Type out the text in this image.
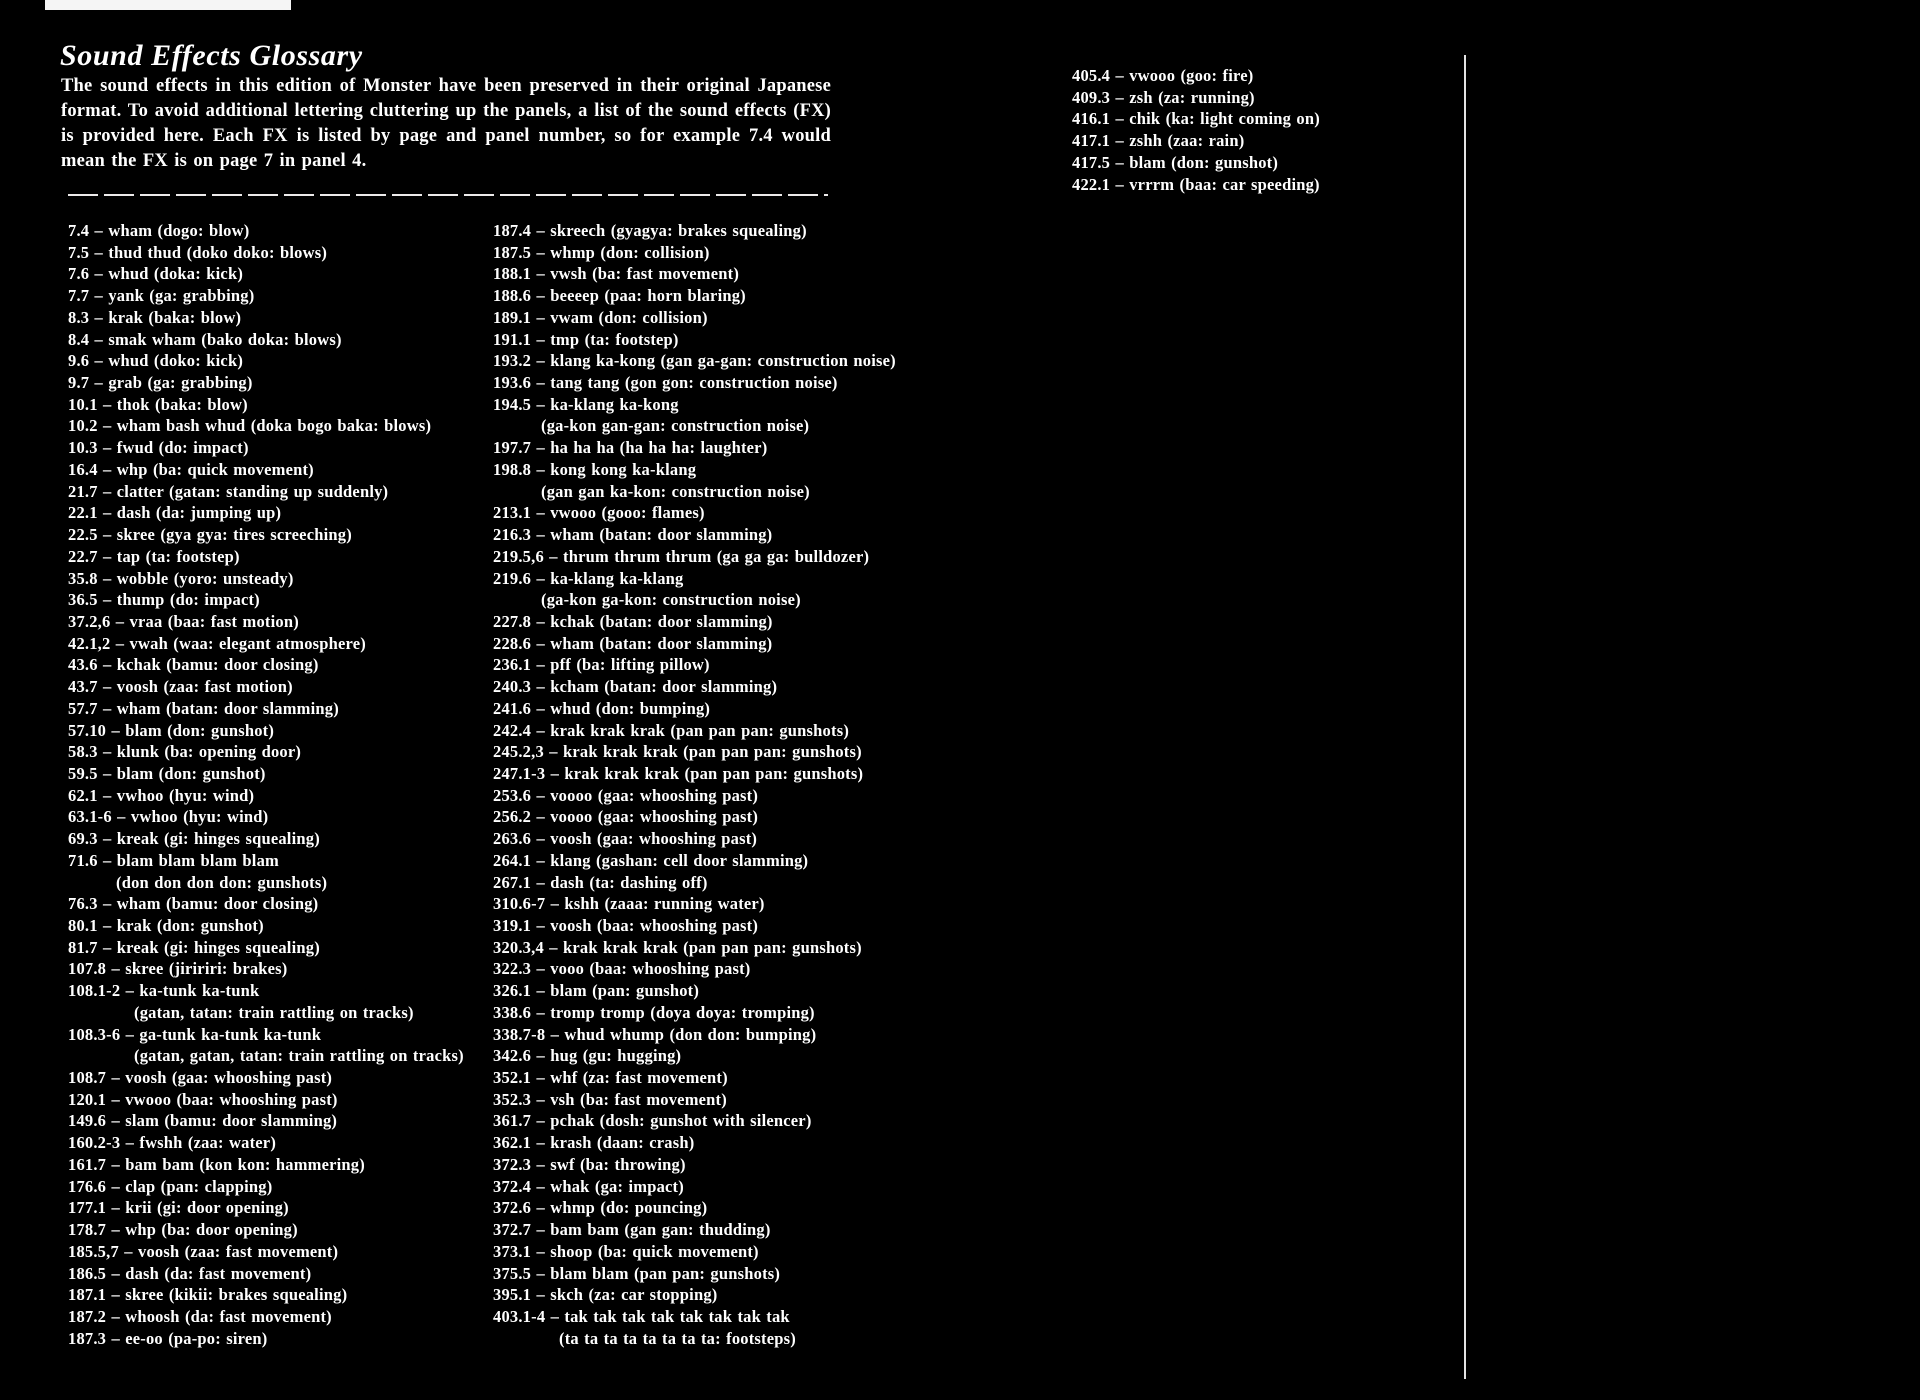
Sound Effects Glossary

The sound effects in this edition of Monster have been preserved in their original Japanese format. To avoid additional lettering cluttering up the panels, a list of the sound effects (FX) is provided here. Each FX is listed by page and panel number, so for example 7.4 would mean the FX is on page 7 in panel 4.

405.4 – vwooo (goo: fire)
409.3 – zsh (za: running)
416.1 – chik (ka: light coming on)
417.1 – zshh (zaa: rain)
417.5 – blam (don: gunshot)
422.1 – vrrrm (baa: car speeding)
7.4 – wham (dogo: blow)
7.5 – thud thud (doko doko: blows)
7.6 – whud (doka: kick)
7.7 – yank (ga: grabbing)
8.3 – krak (baka: blow)
8.4 – smak wham (bako doka: blows)
9.6 – whud (doko: kick)
9.7 – grab (ga: grabbing)
10.1 – thok (baka: blow)
10.2 – wham bash whud (doka bogo baka: blows)
10.3 – fwud (do: impact)
16.4 – whp (ba: quick movement)
21.7 – clatter (gatan: standing up suddenly)
22.1 – dash (da: jumping up)
22.5 – skree (gya gya: tires screeching)
22.7 – tap (ta: footstep)
35.8 – wobble (yoro: unsteady)
36.5 – thump (do: impact)
37.2,6 – vraa (baa: fast motion)
42.1,2 – vwah (waa: elegant atmosphere)
43.6 – kchak (bamu: door closing)
43.7 – voosh (zaa: fast motion)
57.7 – wham (batan: door slamming)
57.10 – blam (don: gunshot)
58.3 – klunk (ba: opening door)
59.5 – blam (don: gunshot)
62.1 – vwhoo (hyu: wind)
63.1-6 – vwhoo (hyu: wind)
69.3 – kreak (gi: hinges squealing)
71.6 – blam blam blam blam
(don don don don: gunshots)
76.3 – wham (bamu: door closing)
80.1 – krak (don: gunshot)
81.7 – kreak (gi: hinges squealing)
107.8 – skree (jiririri: brakes)
108.1-2 – ka-tunk ka-tunk
(gatan, tatan: train rattling on tracks)
108.3-6 – ga-tunk ka-tunk ka-tunk
(gatan, gatan, tatan: train rattling on tracks)
108.7 – voosh (gaa: whooshing past)
120.1 – vwooo (baa: whooshing past)
149.6 – slam (bamu: door slamming)
160.2-3 – fwshh (zaa: water)
161.7 – bam bam (kon kon: hammering)
176.6 – clap (pan: clapping)
177.1 – krii (gi: door opening)
178.7 – whp (ba: door opening)
185.5,7 – voosh (zaa: fast movement)
186.5 – dash (da: fast movement)
187.1 – skree (kikii: brakes squealing)
187.2 – whoosh (da: fast movement)
187.3 – ee-oo (pa-po: siren)
187.4 – skreech (gyagya: brakes squealing)
187.5 – whmp (don: collision)
188.1 – vwsh (ba: fast movement)
188.6 – beeeep (paa: horn blaring)
189.1 – vwam (don: collision)
191.1 – tmp (ta: footstep)
193.2 – klang ka-kong (gan ga-gan: construction noise)
193.6 – tang tang (gon gon: construction noise)
194.5 – ka-klang ka-kong
(ga-kon gan-gan: construction noise)
197.7 – ha ha ha (ha ha ha: laughter)
198.8 – kong kong ka-klang
(gan gan ka-kon: construction noise)
213.1 – vwooo (gooo: flames)
216.3 – wham (batan: door slamming)
219.5,6 – thrum thrum thrum (ga ga ga: bulldozer)
219.6 – ka-klang ka-klang
(ga-kon ga-kon: construction noise)
227.8 – kchak (batan: door slamming)
228.6 – wham (batan: door slamming)
236.1 – pff (ba: lifting pillow)
240.3 – kcham (batan: door slamming)
241.6 – whud (don: bumping)
242.4 – krak krak krak (pan pan pan: gunshots)
245.2,3 – krak krak krak (pan pan pan: gunshots)
247.1-3 – krak krak krak (pan pan pan: gunshots)
253.6 – voooo (gaa: whooshing past)
256.2 – voooo (gaa: whooshing past)
263.6 – voosh (gaa: whooshing past)
264.1 – klang (gashan: cell door slamming)
267.1 – dash (ta: dashing off)
310.6-7 – kshh (zaaa: running water)
319.1 – voosh (baa: whooshing past)
320.3,4 – krak krak krak (pan pan pan: gunshots)
322.3 – vooo (baa: whooshing past)
326.1 – blam (pan: gunshot)
338.6 – tromp tromp (doya doya: tromping)
338.7-8 – whud whump (don don: bumping)
342.6 – hug (gu: hugging)
352.1 – whf (za: fast movement)
352.3 – vsh (ba: fast movement)
361.7 – pchak (dosh: gunshot with silencer)
362.1 – krash (daan: crash)
372.3 – swf (ba: throwing)
372.4 – whak (ga: impact)
372.6 – whmp (do: pouncing)
372.7 – bam bam (gan gan: thudding)
373.1 – shoop (ba: quick movement)
375.5 – blam blam (pan pan: gunshots)
395.1 – skch (za: car stopping)
403.1-4 – tak tak tak tak tak tak tak tak
(ta ta ta ta ta ta ta ta: footsteps)
